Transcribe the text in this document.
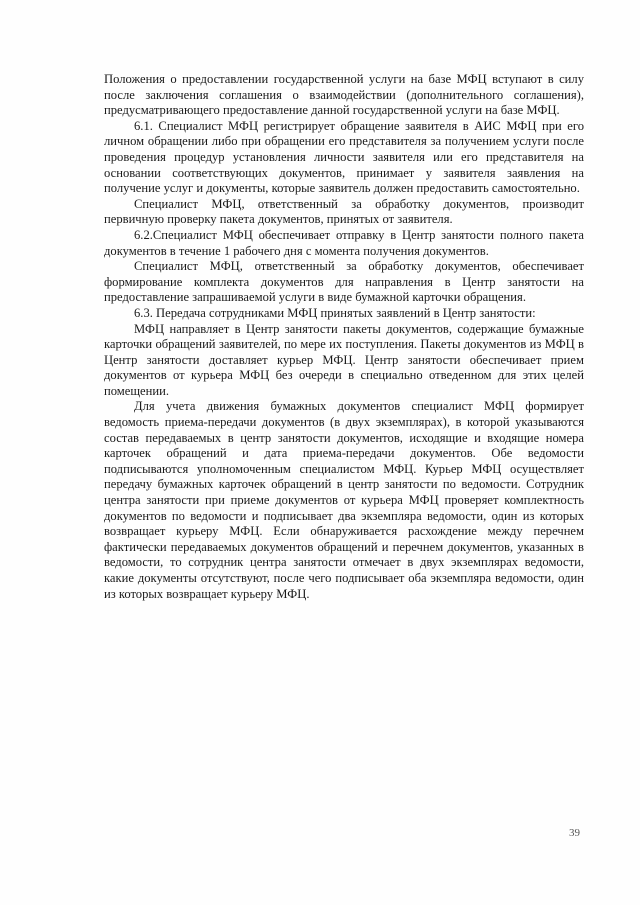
Положения о предоставлении государственной услуги на базе МФЦ вступают в силу после заключения соглашения о взаимодействии (дополнительного соглашения), предусматривающего предоставление данной государственной услуги на базе МФЦ.

6.1. Специалист МФЦ регистрирует обращение заявителя в АИС МФЦ при его личном обращении либо при обращении его представителя за получением услуги после проведения процедур установления личности заявителя или его представителя на основании соответствующих документов, принимает у заявителя заявления на получение услуг и документы, которые заявитель должен предоставить самостоятельно.

Специалист МФЦ, ответственный за обработку документов, производит первичную проверку пакета документов, принятых от заявителя.

6.2.Специалист МФЦ обеспечивает отправку в Центр занятости полного пакета документов в течение 1 рабочего дня с момента получения документов.

Специалист МФЦ, ответственный за обработку документов, обеспечивает формирование комплекта документов для направления в Центр занятости на предоставление запрашиваемой услуги в виде бумажной карточки обращения.

6.3. Передача сотрудниками МФЦ принятых заявлений в Центр занятости:

МФЦ направляет в Центр занятости пакеты документов, содержащие бумажные карточки обращений заявителей, по мере их поступления. Пакеты документов из МФЦ в Центр занятости доставляет курьер МФЦ. Центр занятости обеспечивает прием документов от курьера МФЦ без очереди в специально отведенном для этих целей помещении.

Для учета движения бумажных документов специалист МФЦ формирует ведомость приема-передачи документов (в двух экземплярах), в которой указываются состав передаваемых в центр занятости документов, исходящие и входящие номера карточек обращений и дата приема-передачи документов. Обе ведомости подписываются уполномоченным специалистом МФЦ. Курьер МФЦ осуществляет передачу бумажных карточек обращений в центр занятости по ведомости. Сотрудник центра занятости при приеме документов от курьера МФЦ проверяет комплектность документов по ведомости и подписывает два экземпляра ведомости, один из которых возвращает курьеру МФЦ. Если обнаруживается расхождение между перечнем фактически передаваемых документов обращений и перечнем документов, указанных в ведомости, то сотрудник центра занятости отмечает в двух экземплярах ведомости, какие документы отсутствуют, после чего подписывает оба экземпляра ведомости, один из которых возвращает курьеру МФЦ.

39
